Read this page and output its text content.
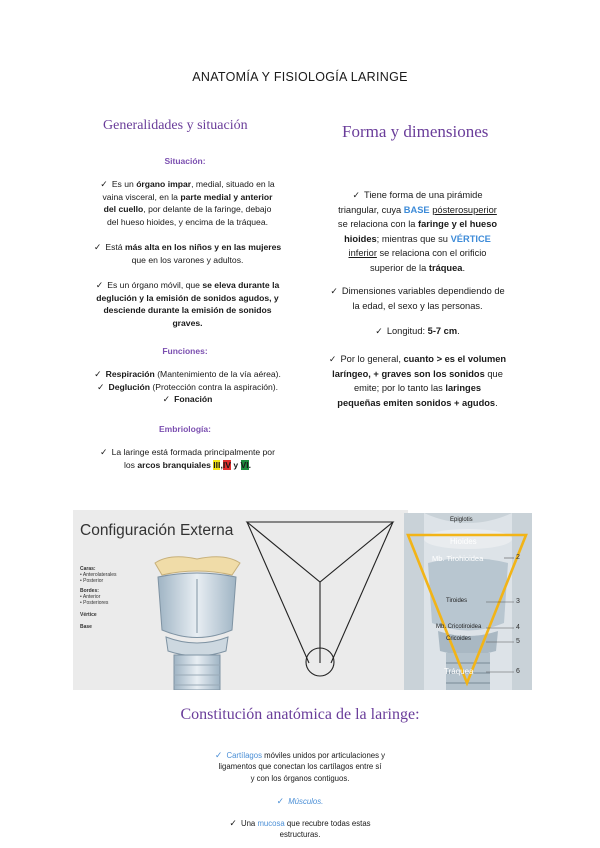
ANATOMÍA Y FISIOLOGÍA LARINGE
Generalidades y situación
Situación:
✓ Es un órgano impar, medial, situado en la
vaina visceral, en la parte medial y anterior
del cuello, por delante de la faringe, debajo
del hueso hioides, y encima de la tráquea.
✓ Está más alta en los niños y en las mujeres
que en los varones y adultos.
✓ Es un órgano móvil, que se eleva durante la
deglución y la emisión de sonidos agudos, y
desciende durante la emisión de sonidos
graves.
Funciones:
✓ Respiración (Mantenimiento de la vía aérea).
✓ Deglución (Protección contra la aspiración).
✓ Fonación
Embriología:
✓ La laringe está formada principalmente por
los arcos branquiales III,IV y VI.
Forma y dimensiones
✓ Tiene forma de una pirámide
triangular, cuya BASE pósterosuperior
se relaciona con la faringe y el hueso
hioides; mientras que su VÉRTICE
inferior se relaciona con el orificio
superior de la tráquea.
✓ Dimensiones variables dependiendo de
la edad, el sexo y las personas.
✓ Longitud: 5-7 cm.
✓ Por lo general, cuanto > es el volumen
laríngeo, + graves son los sonidos que
emite; por lo tanto las laringes
pequeñas emiten sonidos + agudos.
Configuración Externa
Caras:
• Anterolaterales
• Posterior
Bordes:
• Anterior
• Posteriores
Vértice
Base
Epiglotis
Hioides
Mb. Tirohioidea
Tiroides
Mb. Cricotiroidea
Cricoides
Tráquea
2
3
4
5
6
Constitución anatómica de la laringe:
✓ Cartílagos móviles unidos por articulaciones y
ligamentos que conectan los cartílagos entre sí
y con los órganos contiguos.
✓ Músculos.
✓ Una mucosa que recubre todas estas
estructuras.
